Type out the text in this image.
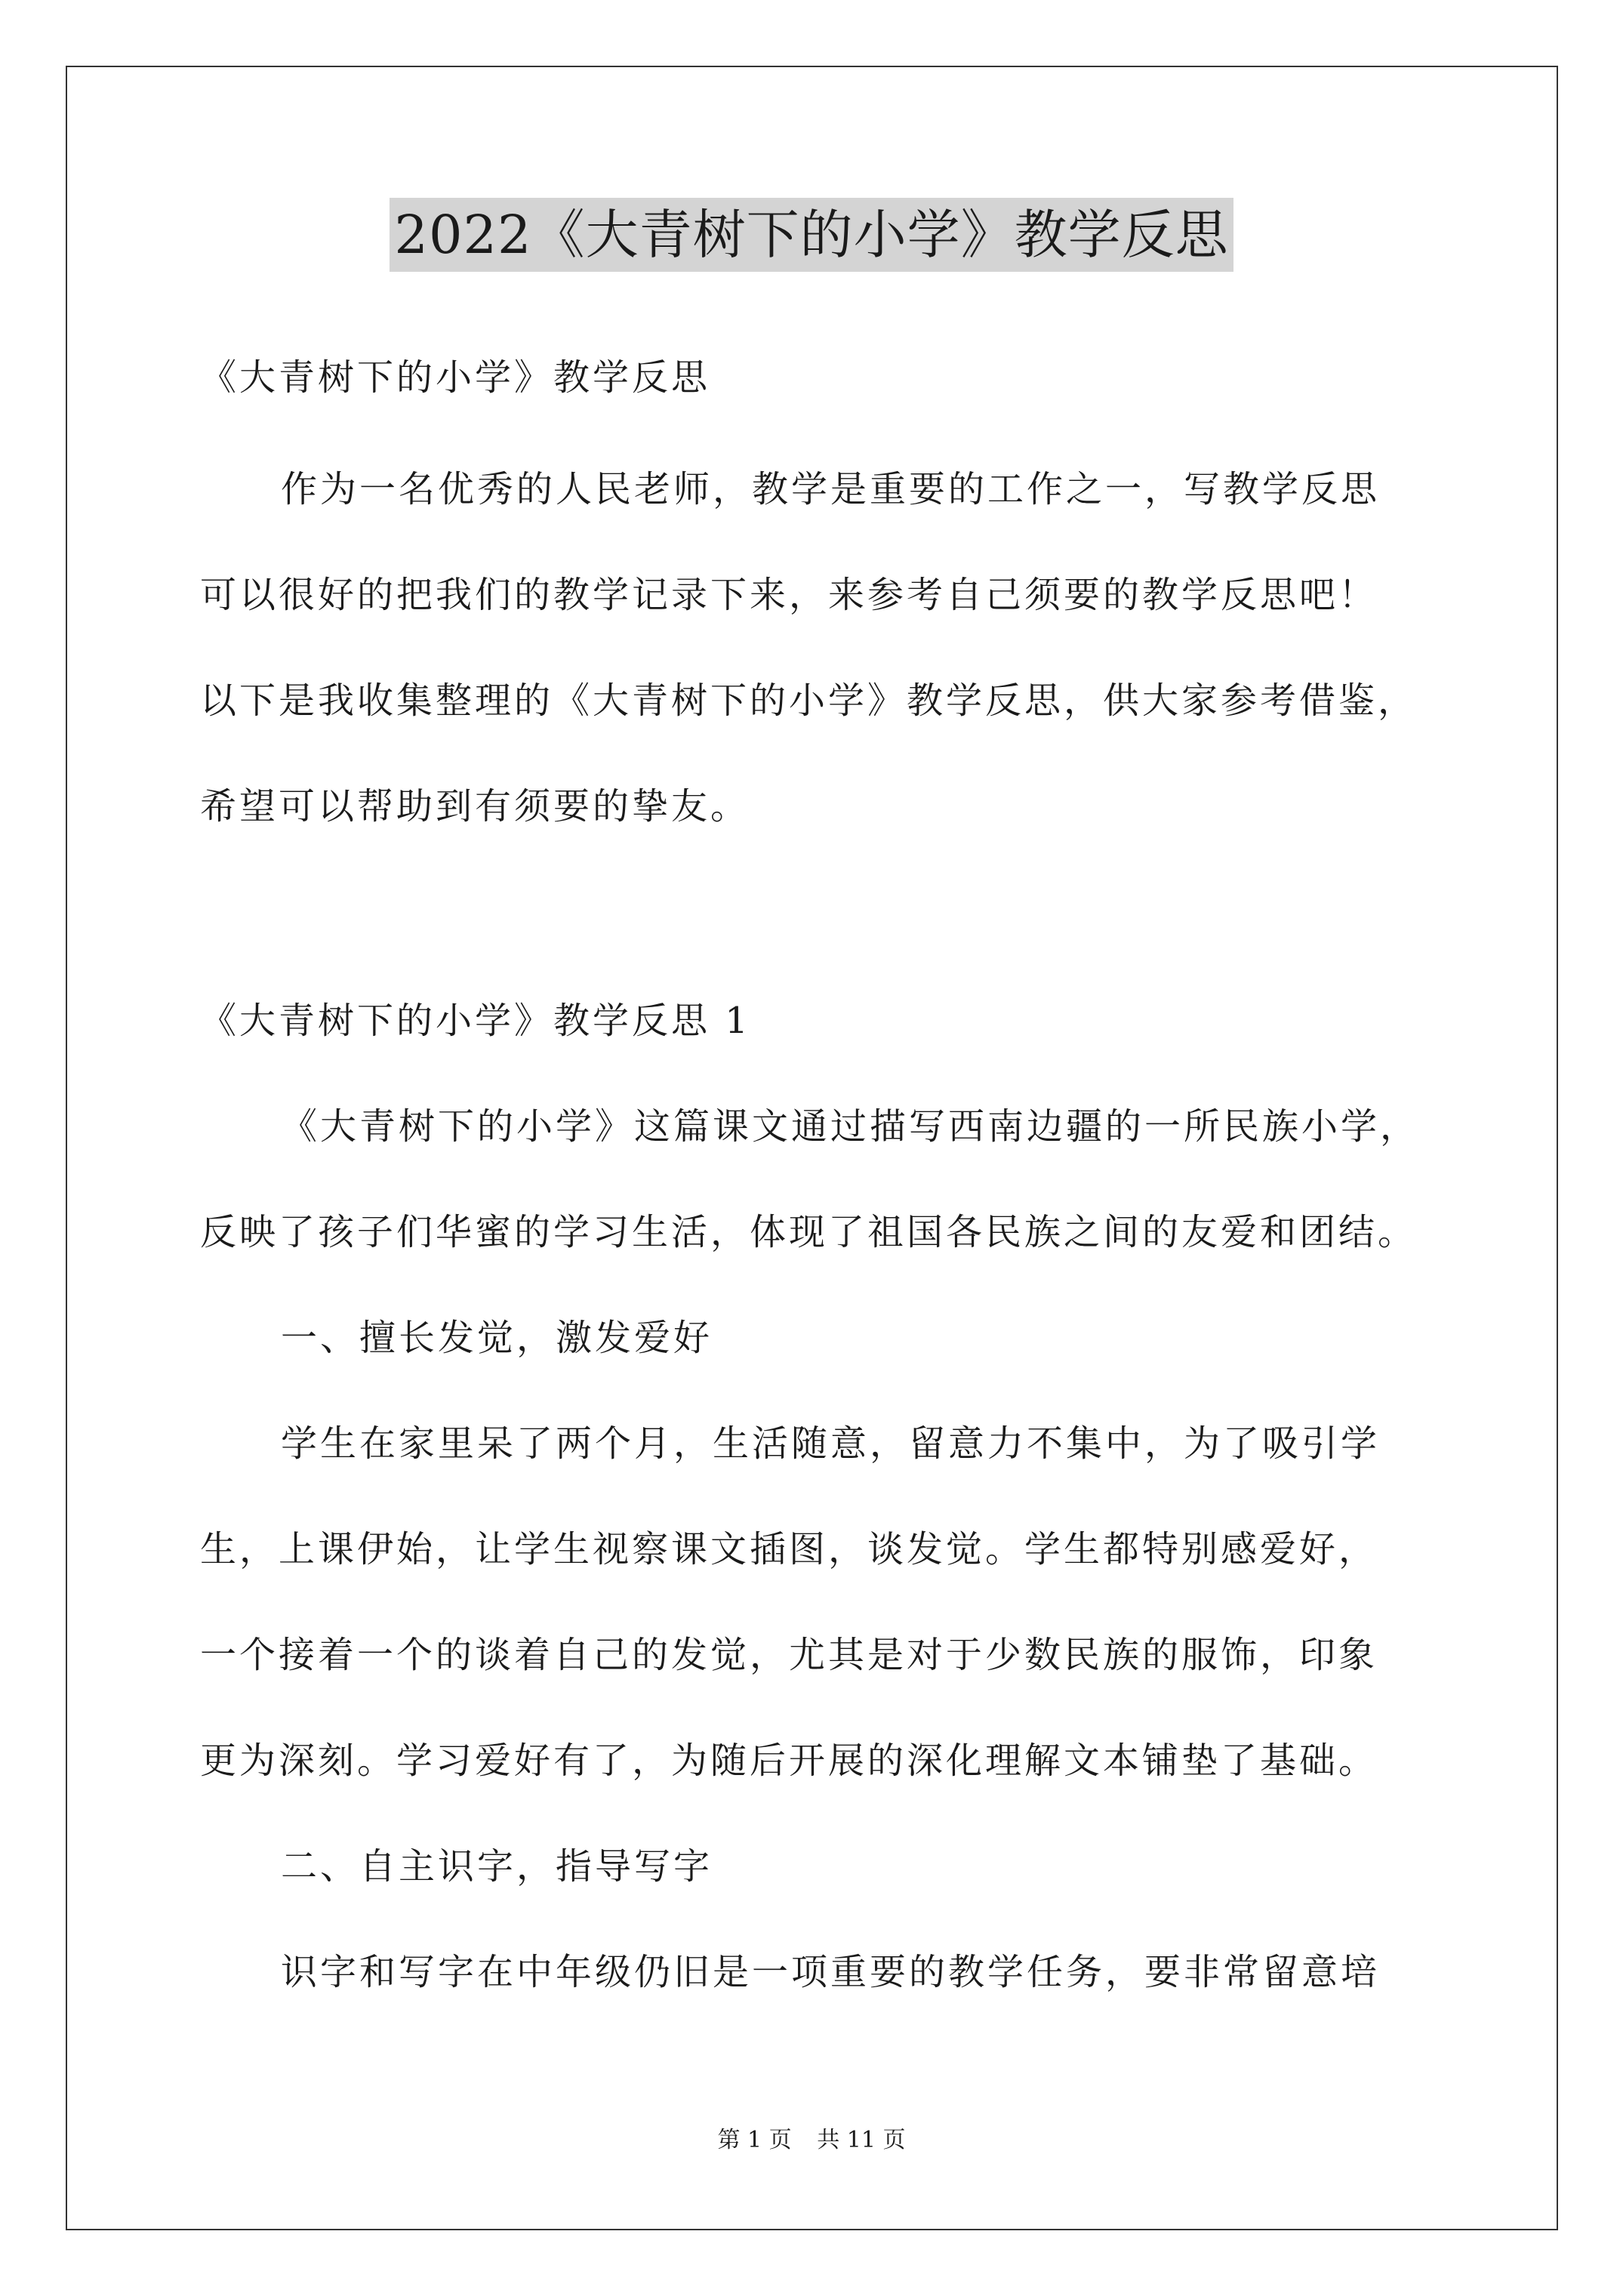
2022《大青树下的小学》教学反思
《大青树下的小学》教学反思
作为一名优秀的人民老师，教学是重要的工作之一，写教学反思
可以很好的把我们的教学记录下来，来参考自己须要的教学反思吧！
以下是我收集整理的《大青树下的小学》教学反思，供大家参考借鉴，
希望可以帮助到有须要的挚友。
《大青树下的小学》教学反思 1
《大青树下的小学》这篇课文通过描写西南边疆的一所民族小学，
反映了孩子们华蜜的学习生活，体现了祖国各民族之间的友爱和团结。
一、擅长发觉，激发爱好
学生在家里呆了两个月，生活随意，留意力不集中，为了吸引学
生，上课伊始，让学生视察课文插图，谈发觉。学生都特别感爱好，
一个接着一个的谈着自己的发觉，尤其是对于少数民族的服饰，印象
更为深刻。学习爱好有了，为随后开展的深化理解文本铺垫了基础。
二、自主识字，指导写字
识字和写字在中年级仍旧是一项重要的教学任务，要非常留意培
第 1 页 共 11 页
